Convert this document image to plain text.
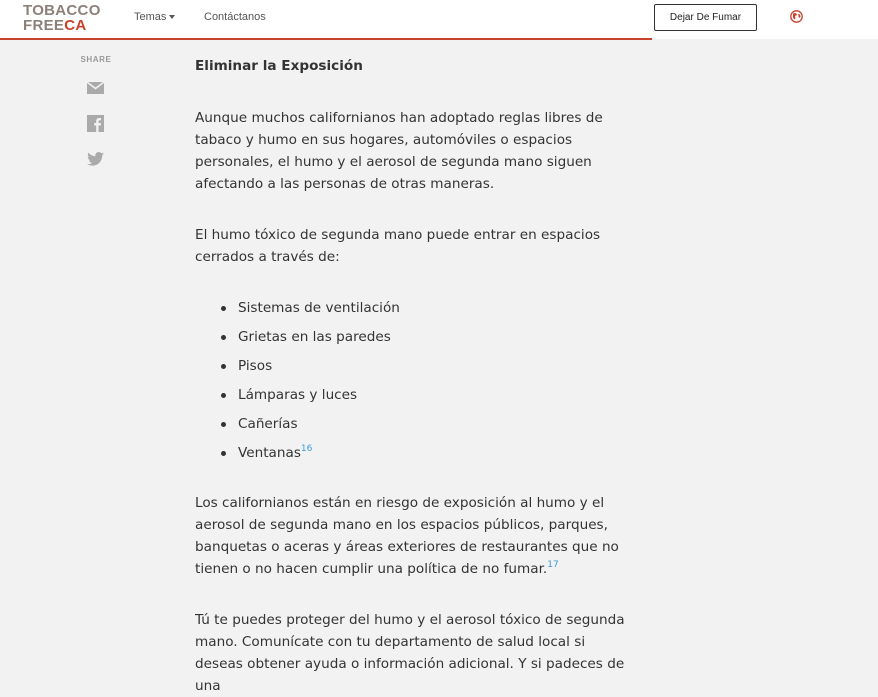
TOBACCO
FREECA	Temas	Contáctanos	Dejar De Fumar
SHARE	Eliminar la Exposición

Aunque muchos californianos han adoptado reglas libres de tabaco y humo en sus hogares, automóviles o espacios personales, el humo y el aerosol de segunda mano siguen afectando a las personas de otras maneras.

El humo tóxico de segunda mano puede entrar en espacios cerrados a través de:

Sistemas de ventilación
Grietas en las paredes
Pisos
Lámparas y luces
Cañerías
Ventanas$^{16}$

Los californianos están en riesgo de exposición al humo y el aerosol de segunda mano en los espacios públicos, parques, banquetas o aceras y áreas exteriores de restaurantes que no tienen o no hacen cumplir una política de no fumar.$^{17}$

Tú te puedes proteger del humo y el aerosol tóxico de segunda mano. Comunícate con tu departamento de salud local si deseas obtener ayuda o información adicional. Y si padeces de una
